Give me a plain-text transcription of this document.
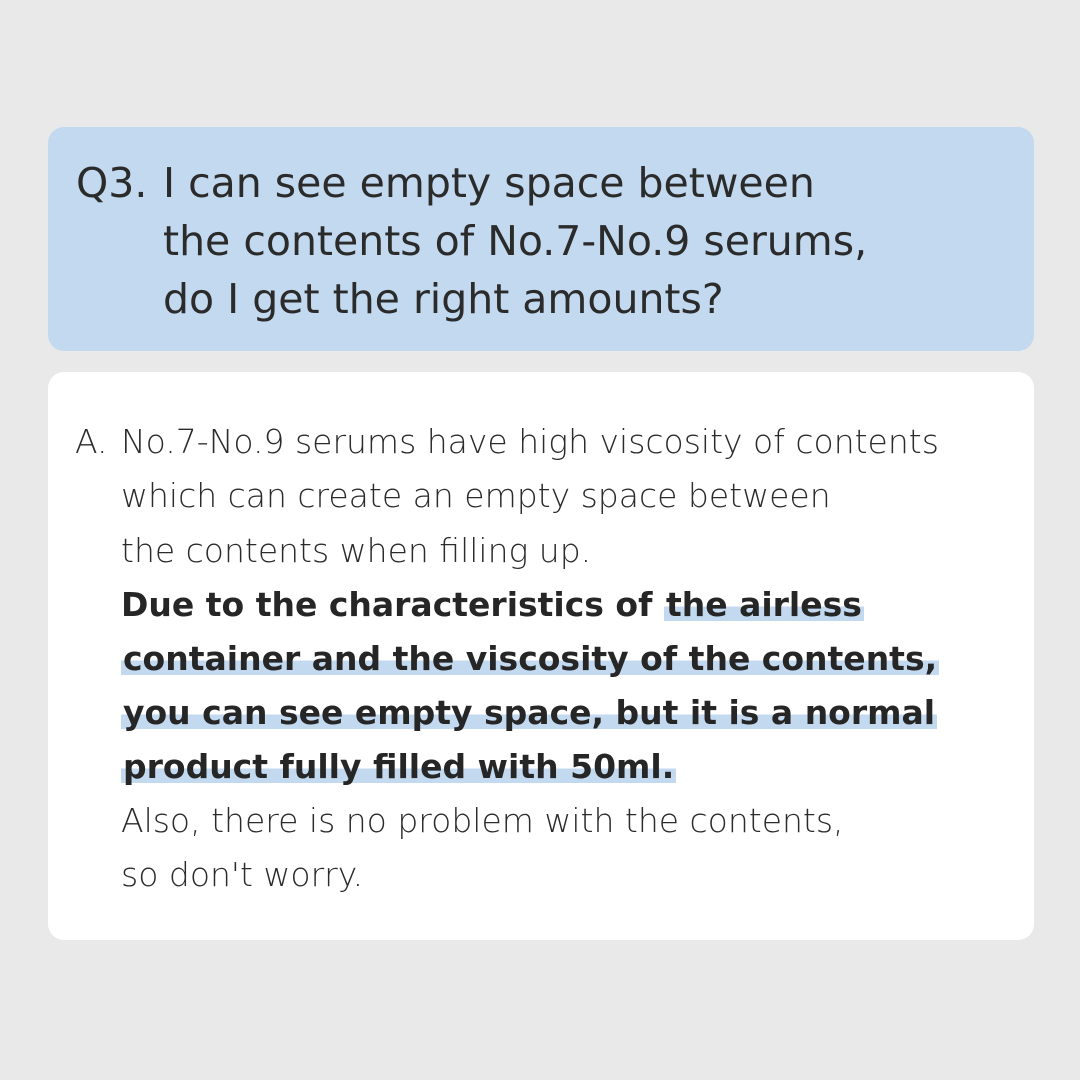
Q3. I can see empty space between
the contents of No.7-No.9 serums,
do I get the right amounts?
A. No.7-No.9 serums have high viscosity of contents
which can create an empty space between
the contents when filling up.
Due to the characteristics of the airless
container and the viscosity of the contents,
you can see empty space, but it is a normal
product fully filled with 50ml.
Also, there is no problem with the contents,
so don't worry.
